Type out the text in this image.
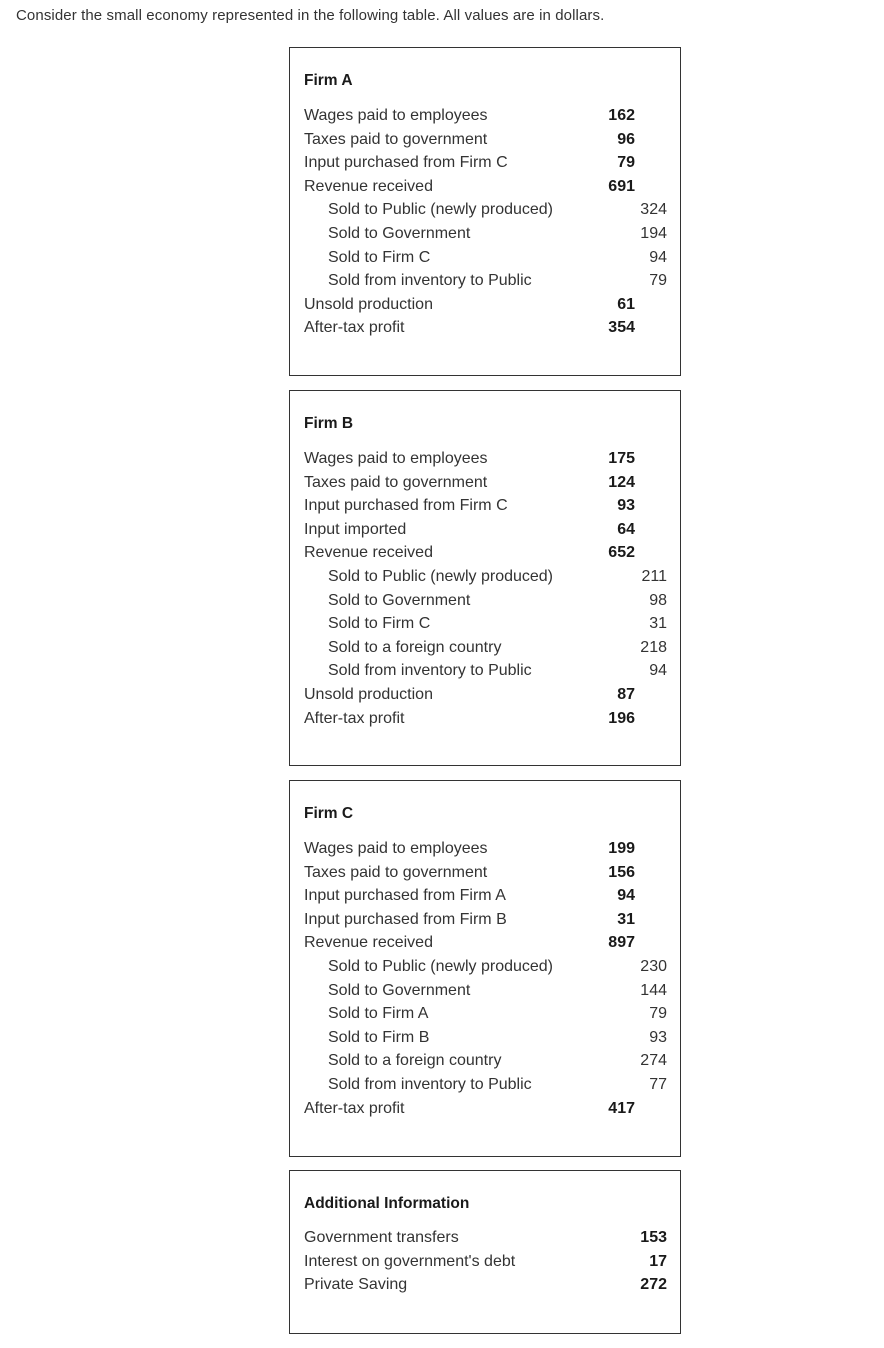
Consider the small economy represented in the following table. All values are in dollars.
Firm A
Wages paid to employees	162
Taxes paid to government	96
Input purchased from Firm C	79
Revenue received	691
Sold to Public (newly produced)	324
Sold to Government	194
Sold to Firm C	94
Sold from inventory to Public	79
Unsold production	61
After-tax profit	354
Firm B
Wages paid to employees	175
Taxes paid to government	124
Input purchased from Firm C	93
Input imported	64
Revenue received	652
Sold to Public (newly produced)	211
Sold to Government	98
Sold to Firm C	31
Sold to a foreign country	218
Sold from inventory to Public	94
Unsold production	87
After-tax profit	196
Firm C
Wages paid to employees	199
Taxes paid to government	156
Input purchased from Firm A	94
Input purchased from Firm B	31
Revenue received	897
Sold to Public (newly produced)	230
Sold to Government	144
Sold to Firm A	79
Sold to Firm B	93
Sold to a foreign country	274
Sold from inventory to Public	77
After-tax profit	417
Additional Information
Government transfers	153
Interest on government's debt	17
Private Saving	272
